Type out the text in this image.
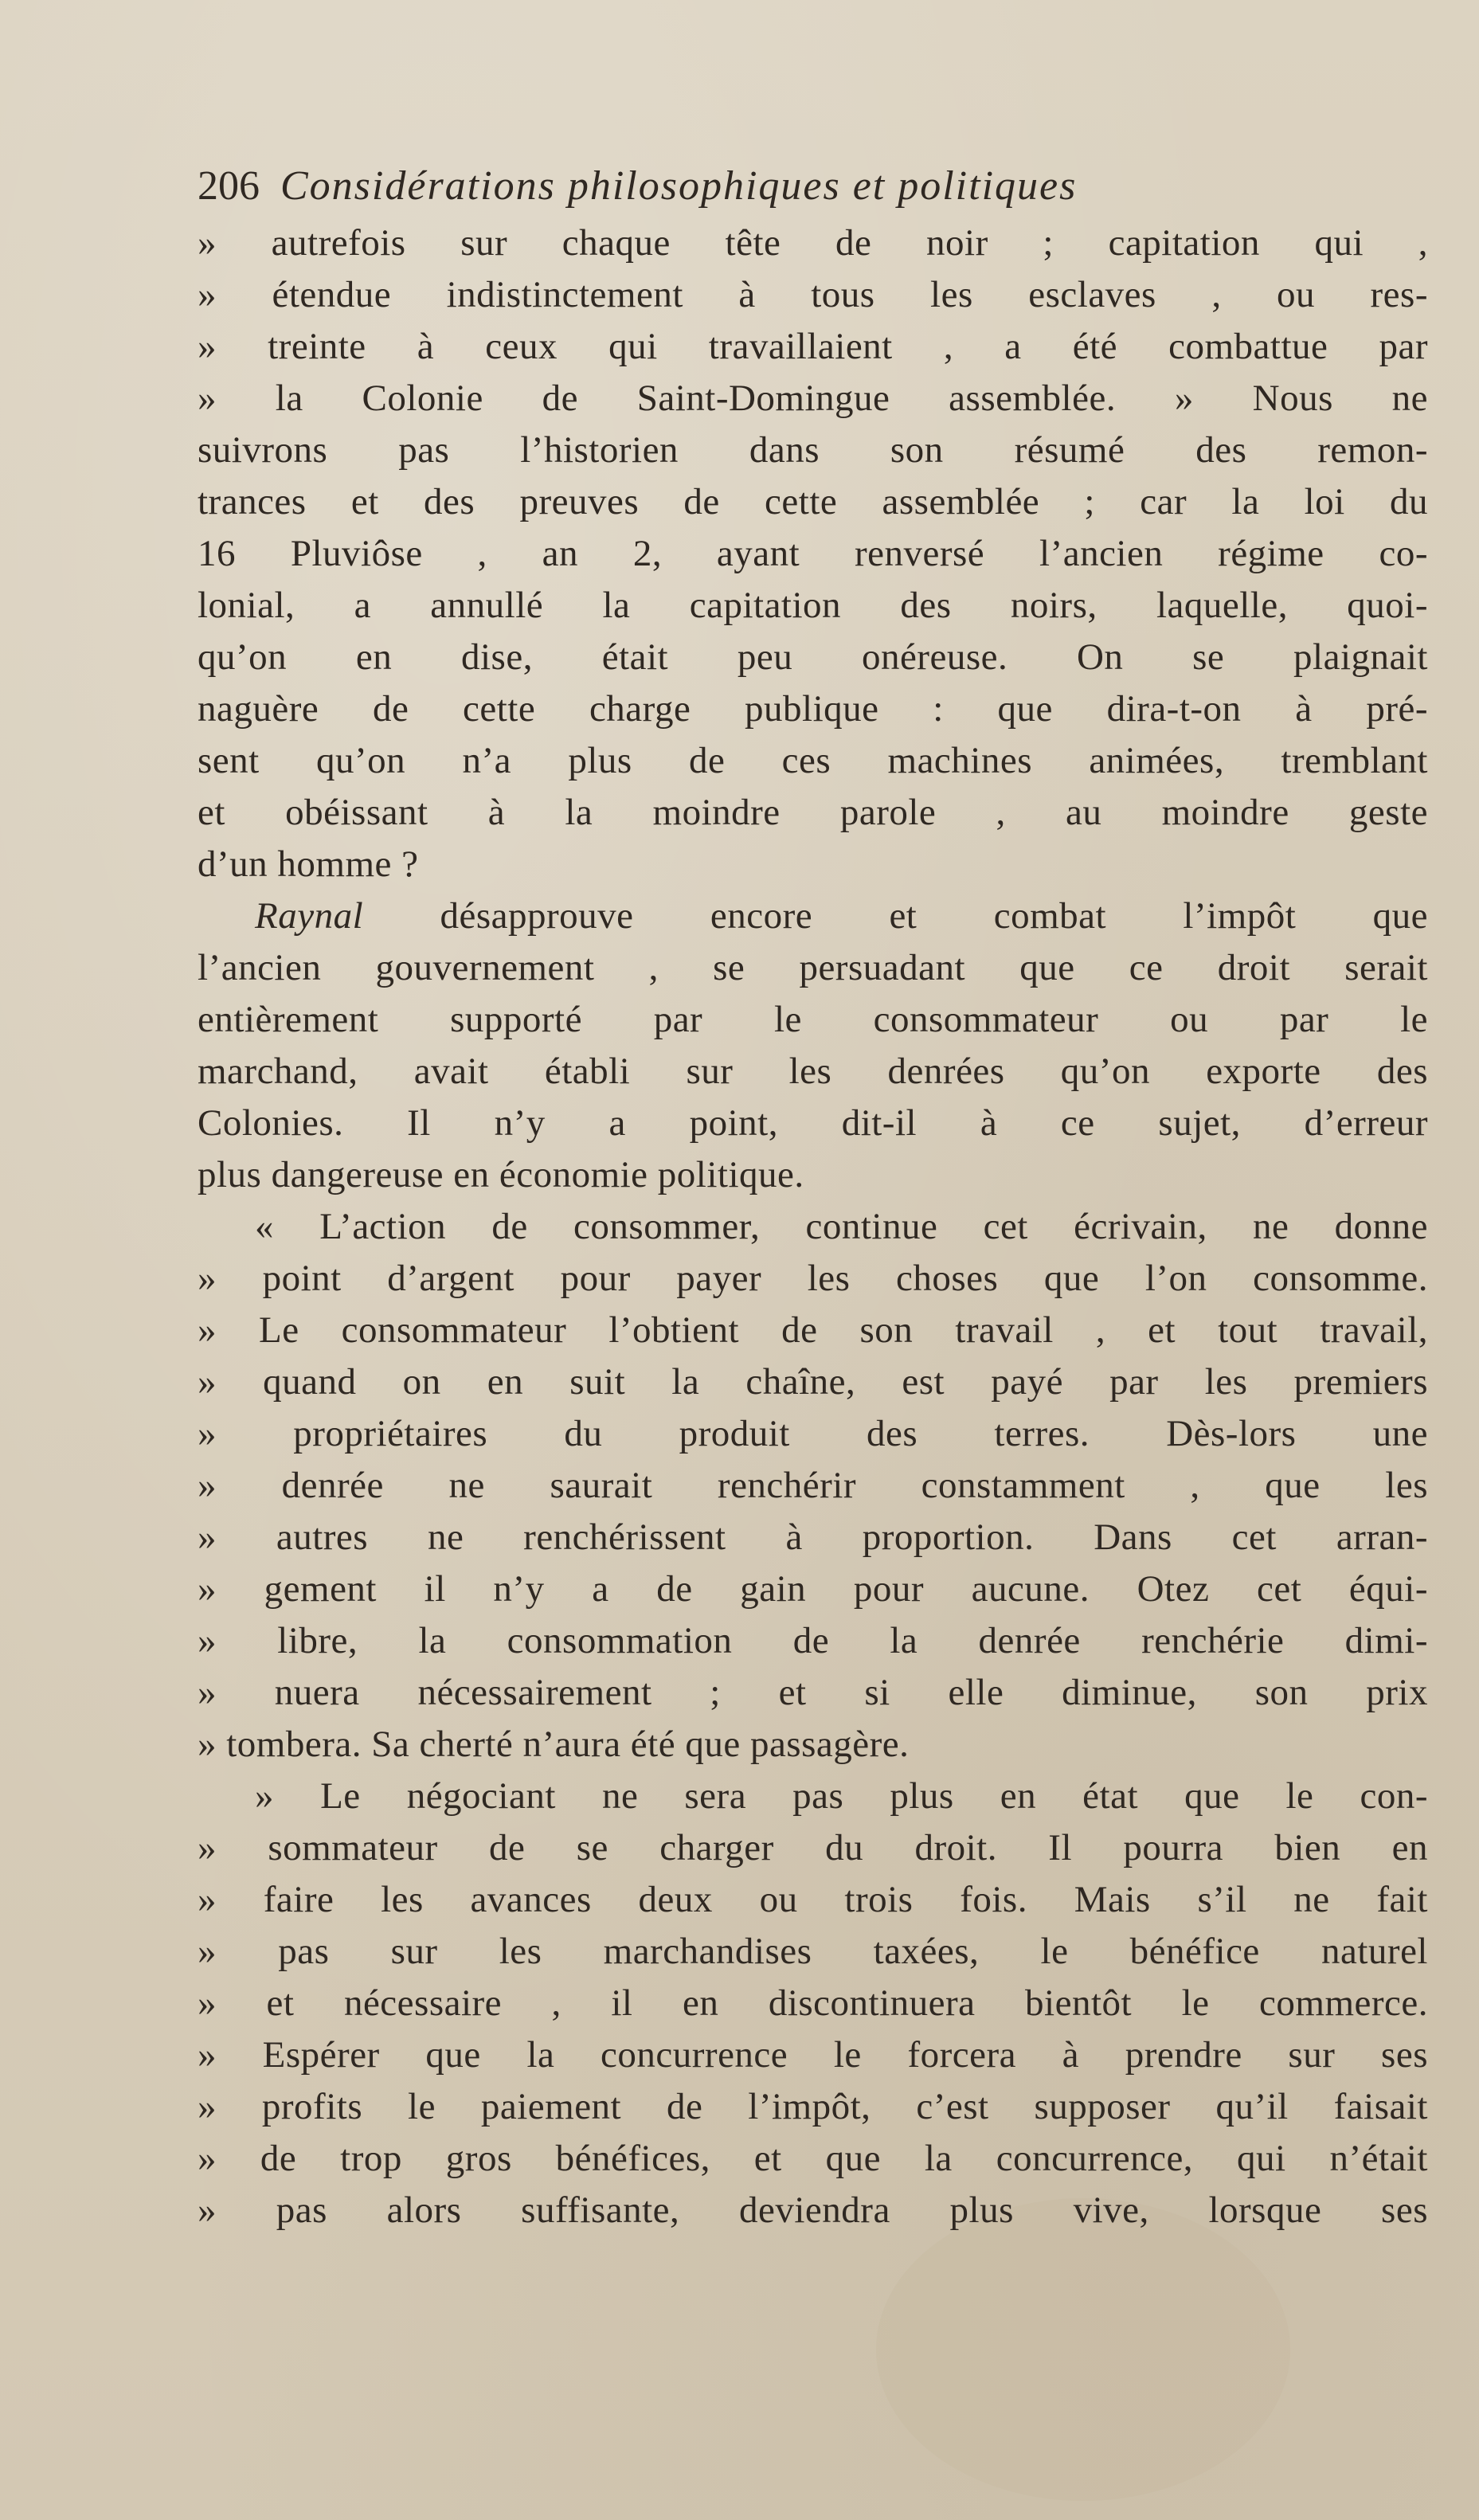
206 Considérations philosophiques et politiques
» autrefois sur chaque tête de noir ; capitation qui ,
» étendue indistinctement à tous les esclaves , ou res-
» treinte à ceux qui travaillaient , a été combattue par
» la Colonie de Saint-Domingue assemblée. » Nous ne
suivrons pas l’historien dans son résumé des remon-
trances et des preuves de cette assemblée ; car la loi du
16 Pluviôse , an 2, ayant renversé l’ancien régime co-
lonial, a annullé la capitation des noirs, laquelle, quoi-
qu’on en dise, était peu onéreuse. On se plaignait
naguère de cette charge publique : que dira-t-on à pré-
sent qu’on n’a plus de ces machines animées, tremblant
et obéissant à la moindre parole , au moindre geste
d’un homme ?
Raynal désapprouve encore et combat l’impôt que
l’ancien gouvernement , se persuadant que ce droit serait
entièrement supporté par le consommateur ou par le
marchand, avait établi sur les denrées qu’on exporte des
Colonies. Il n’y a point, dit-il à ce sujet, d’erreur
plus dangereuse en économie politique.
« L’action de consommer, continue cet écrivain, ne donne
» point d’argent pour payer les choses que l’on consomme.
» Le consommateur l’obtient de son travail , et tout travail,
» quand on en suit la chaîne, est payé par les premiers
» propriétaires du produit des terres. Dès-lors une
» denrée ne saurait renchérir constamment , que les
» autres ne renchérissent à proportion. Dans cet arran-
» gement il n’y a de gain pour aucune. Otez cet équi-
» libre, la consommation de la denrée renchérie dimi-
» nuera nécessairement ; et si elle diminue, son prix
» tombera. Sa cherté n’aura été que passagère.
» Le négociant ne sera pas plus en état que le con-
» sommateur de se charger du droit. Il pourra bien en
» faire les avances deux ou trois fois. Mais s’il ne fait
» pas sur les marchandises taxées, le bénéfice naturel
» et nécessaire , il en discontinuera bientôt le commerce.
» Espérer que la concurrence le forcera à prendre sur ses
» profits le paiement de l’impôt, c’est supposer qu’il faisait
» de trop gros bénéfices, et que la concurrence, qui n’était
» pas alors suffisante, deviendra plus vive, lorsque ses
